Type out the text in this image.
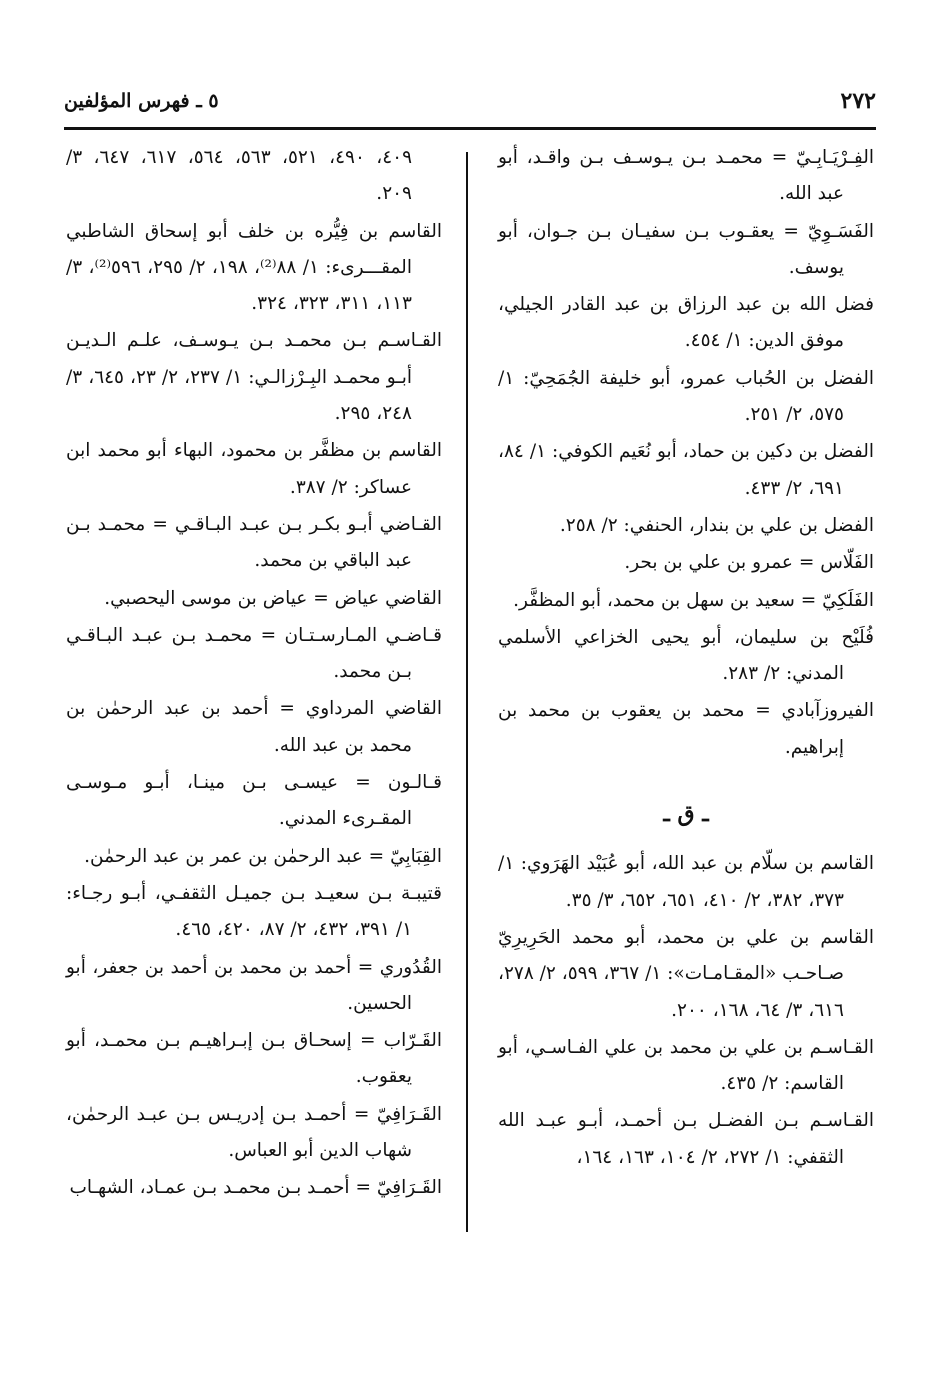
٢٧٢
٥ ـ فهرس المؤلفين

الفِـرْيَـابِـيّ = محمـد بـن يـوسـف بـن واقـد، أبو عبد الله.

الفَسَـوِيّ = يعقـوب بـن سفيـان بـن جـوان، أبو يوسف.

فضل الله بن عبد الرزاق بن عبد القادر الجيلي، موفق الدين: ١/ ٤٥٤.

الفضل بن الحُباب عمرو، أبو خليفة الجُمَحِيّ: ١/ ٥٧٥، ٢/ ٢٥١.

الفضل بن دكين بن حماد، أبو نُعَيم الكوفي: ١/ ٨٤، ٦٩١، ٢/ ٤٣٣.

الفضل بن علي بن بندار، الحنفي: ٢/ ٢٥٨.

الفَلّاس = عمرو بن علي بن بحر.

الفَلَكِيّ = سعيد بن سهل بن محمد، أبو المظفَّر.

فُلَيْح بن سليمان، أبو يحيى الخزاعي الأسلمي المدني: ٢/ ٢٨٣.

الفيروزآبادي = محمد بن يعقوب بن محمد بن إبراهيم.

ـ ق ـ

القاسم بن سلّام بن عبد الله، أبو عُبَيْد الهَرَوي: ١/ ٣٧٣، ٣٨٢، ٢/ ٤١٠، ٦٥١، ٦٥٢، ٣/ ٣٥.

القاسم بن علي بن محمد، أبو محمد الحَرِيرِيّ صـاحـب «المقـامـات»: ١/ ٣٦٧، ٥٩٩، ٢/ ٢٧٨، ٦١٦، ٣/ ٦٤، ١٦٨، ٢٠٠.

القـاسـم بن علي بن محمد بن علي الفـاسـي، أبو القاسم: ٢/ ٤٣٥.

القـاسـم بـن الفضـل بـن أحمـد، أبـو عبـد الله الثقفي: ١/ ٢٧٢، ٢/ ١٠٤، ١٦٣، ١٦٤،

٤٠٩، ٤٩٠، ٥٢١، ٥٦٣، ٥٦٤، ٦١٧، ٦٤٧، ٣/ ٢٠٩.

القاسم بن فِيُّره بن خلف أبو إسحاق الشاطبي المقـــرىء: ١/ ٨٨⁽²⁾، ١٩٨، ٢/ ٢٩٥، ٥٩٦⁽²⁾، ٣/ ١١٣، ٣١١، ٣٢٣، ٣٢٤.

القـاسـم بـن محمـد بـن يـوسـف، علـم الـديـن أبـو محمـد البِـرْزالـي: ١/ ٢٣٧، ٢/ ٢٣، ٦٤٥، ٣/ ٢٤٨، ٢٩٥.

القاسم بن مظفَّر بن محمود، البهاء أبو محمد ابن عساكر: ٢/ ٣٨٧.

القـاضي أبـو بكـر بـن عبـد البـاقـي = محمـد بـن عبد الباقي بن محمد.

القاضي عياض = عياض بن موسى اليحصبي.

قـاضـي المـارسـتـان = محمـد بـن عبـد البـاقـي بـن محمد.

القاضي المرداوي = أحمد بن عبد الرحمٰن بن محمد بن عبد الله.

قـالـون = عيسـى بـن مينـا، أبـو مـوسـى المقـرىء المدني.

القِبَابِيّ = عبد الرحمٰن بن عمر بن عبد الرحمٰن.

قتيبـة بـن سعيـد بـن جميـل الثقفـي، أبـو رجـاء: ١/ ٣٩١، ٤٣٢، ٢/ ٨٧، ٤٢٠، ٤٦٥.

القُدُوري = أحمد بن محمد بن أحمد بن جعفر، أبو الحسين.

القَـرّاب = إسحـاق بـن إبـراهيـم بـن محمـد، أبو يعقوب.

القَـرَافِيّ = أحمـد بـن إدريـس بـن عبـد الرحمٰن، شهاب الدين أبو العباس.

القَـرَافِيّ = أحمـد بـن محمـد بـن عمـاد، الشهـاب
